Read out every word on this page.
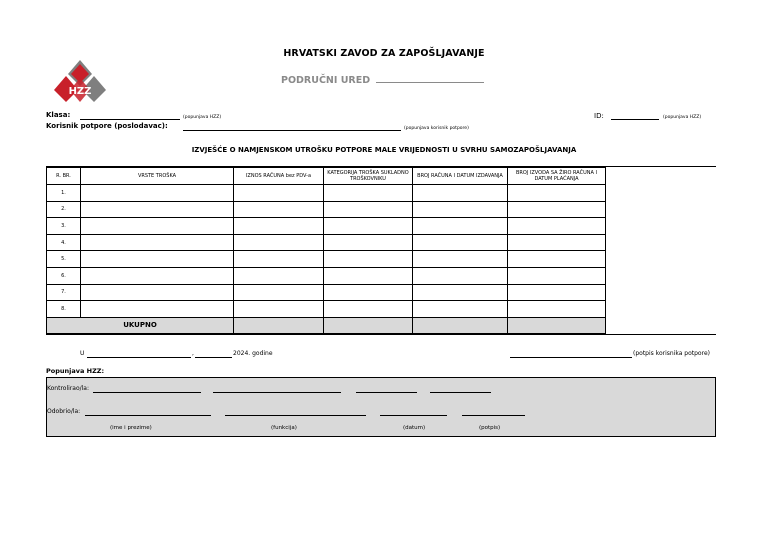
HZZ
HRVATSKI ZAVOD ZA ZAPOŠLJAVANJE
PODRUČNI URED
Klasa:	(popunjava HZZ)	ID:	(popunjava HZZ)
Korisnik potpore (poslodavac):	(popunjava korisnik potpore)
IZVJEŠĆE O NAMJENSKOM UTROŠKU POTPORE MALE VRIJEDNOSTI U SVRHU SAMOZAPOŠLJAVANJA
R. BR.	VRSTE TROŠKA	IZNOS RAČUNA bez PDV-a	KATEGORIJA TROŠKA SUKLADNO TROŠKOVNIKU	BROJ RAČUNA I DATUM IZDAVANJA	BROJ IZVODA SA ŽIRO RAČUNA I DATUM PLAĆANJA
1.					
2.					
3.					
4.					
5.					
6.					
7.					
8.					
UKUPNO					
U	,	2024. godine	(potpis korisnika potpore)
Popunjava HZZ:
Kontrolirao/la:
Odobrio/la:
(ime i prezime)	(funkcija)	(datum)	(potpis)
